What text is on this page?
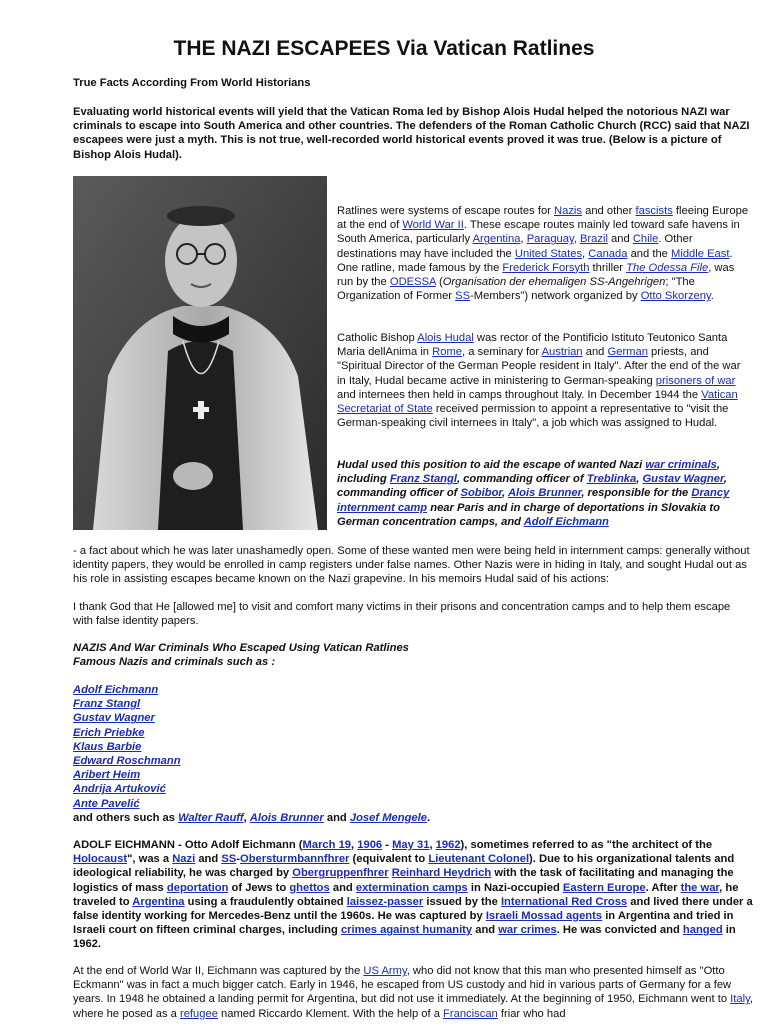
THE NAZI ESCAPEES Via Vatican Ratlines
True Facts According From World Historians
Evaluating world historical events will yield that the Vatican Roma led by Bishop Alois Hudal helped the notorious NAZI war criminals to escape into South America and other countries. The defenders of the Roman Catholic Church (RCC) said that NAZI escapees were just a myth. This is not true, well-recorded world historical events proved it was true. (Below is a picture of Bishop Alois Hudal).
Ratlines were systems of escape routes for Nazis and other fascists fleeing Europe at the end of World War II. These escape routes mainly led toward safe havens in South America, particularly Argentina, Paraguay, Brazil and Chile. Other destinations may have included the United States, Canada and the Middle East. One ratline, made famous by the Frederick Forsyth thriller The Odessa File, was run by the ODESSA (Organisation der ehemaligen SS-Angehrigen; "The Organization of Former SS-Members") network organized by Otto Skorzeny.
Catholic Bishop Alois Hudal was rector of the Pontificio Istituto Teutonico Santa Maria dellAnima in Rome, a seminary for Austrian and German priests, and "Spiritual Director of the German People resident in Italy". After the end of the war in Italy, Hudal became active in ministering to German-speaking prisoners of war and internees then held in camps throughout Italy. In December 1944 the Vatican Secretariat of State received permission to appoint a representative to "visit the German-speaking civil internees in Italy", a job which was assigned to Hudal.
Hudal used this position to aid the escape of wanted Nazi war criminals, including Franz Stangl, commanding officer of Treblinka, Gustav Wagner, commanding officer of Sobibor, Alois Brunner, responsible for the Drancy internment camp near Paris and in charge of deportations in Slovakia to German concentration camps, and Adolf Eichmann
- a fact about which he was later unashamedly open. Some of these wanted men were being held in internment camps: generally without identity papers, they would be enrolled in camp registers under false names. Other Nazis were in hiding in Italy, and sought Hudal out as his role in assisting escapes became known on the Nazi grapevine. In his memoirs Hudal said of his actions:
I thank God that He [allowed me] to visit and comfort many victims in their prisons and concentration camps and to help them escape with false identity papers.
NAZIS And War Criminals Who Escaped Using Vatican Ratlines
Famous Nazis and criminals such as :
Adolf Eichmann
Franz Stangl
Gustav Wagner
Erich Priebke
Klaus Barbie
Edward Roschmann
Aribert Heim
Andrija Artuković
Ante Pavelić
and others such as Walter Rauff, Alois Brunner and Josef Mengele.
ADOLF EICHMANN - Otto Adolf Eichmann (March 19, 1906 - May 31, 1962), sometimes referred to as "the architect of the Holocaust", was a Nazi and SS-Obersturmbannfhrer (equivalent to Lieutenant Colonel). Due to his organizational talents and ideological reliability, he was charged by Obergruppenfhrer Reinhard Heydrich with the task of facilitating and managing the logistics of mass deportation of Jews to ghettos and extermination camps in Nazi-occupied Eastern Europe. After the war, he traveled to Argentina using a fraudulently obtained laissez-passer issued by the International Red Cross and lived there under a false identity working for Mercedes-Benz until the 1960s. He was captured by Israeli Mossad agents in Argentina and tried in Israeli court on fifteen criminal charges, including crimes against humanity and war crimes. He was convicted and hanged in 1962.
At the end of World War II, Eichmann was captured by the US Army, who did not know that this man who presented himself as "Otto Eckmann" was in fact a much bigger catch. Early in 1946, he escaped from US custody and hid in various parts of Germany for a few years. In 1948 he obtained a landing permit for Argentina, but did not use it immediately. At the beginning of 1950, Eichmann went to Italy, where he posed as a refugee named Riccardo Klement. With the help of a Franciscan friar who had
